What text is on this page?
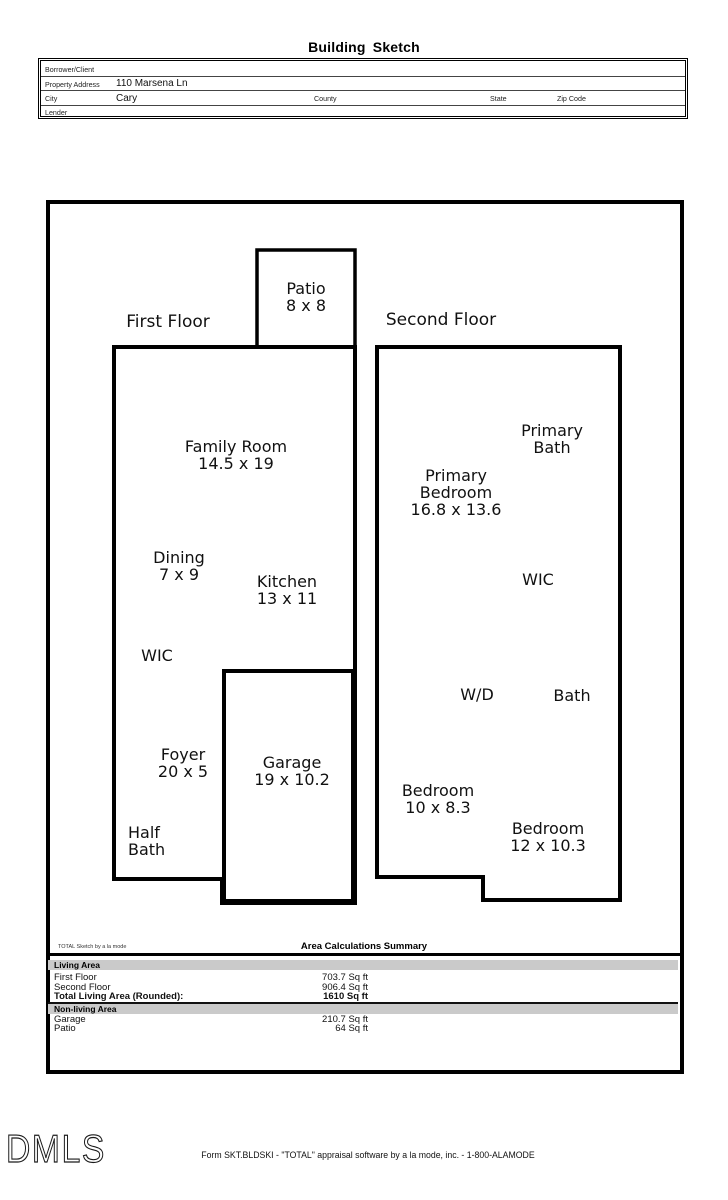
Building Sketch
Borrower/Client
Property Address 110 Marsena Ln
City	Cary	County	State	Zip Code
Lender
First Floor	Second Floor
Patio
8 x 8
Family Room
14.5 x 19
Dining
7 x 9	Kitchen
13 x 11
WIC
Foyer
20 x 5	Garage
19 x 10.2
Half
Bath
Primary
Bath
Primary
Bedroom
16.8 x 13.6
WIC
W/D	Bath
Bedroom
10 x 8.3
Bedroom
12 x 10.3
TOTAL Sketch by a la mode	Area Calculations Summary
Living Area
First Floor	703.7 Sq ft
Second Floor	906.4 Sq ft
Total Living Area (Rounded):	1610 Sq ft
Non-living Area
Garage	210.7 Sq ft
Patio	64 Sq ft
DMLS	Form SKT.BLDSKI - "TOTAL" appraisal software by a la mode, inc. - 1-800-ALAMODE
